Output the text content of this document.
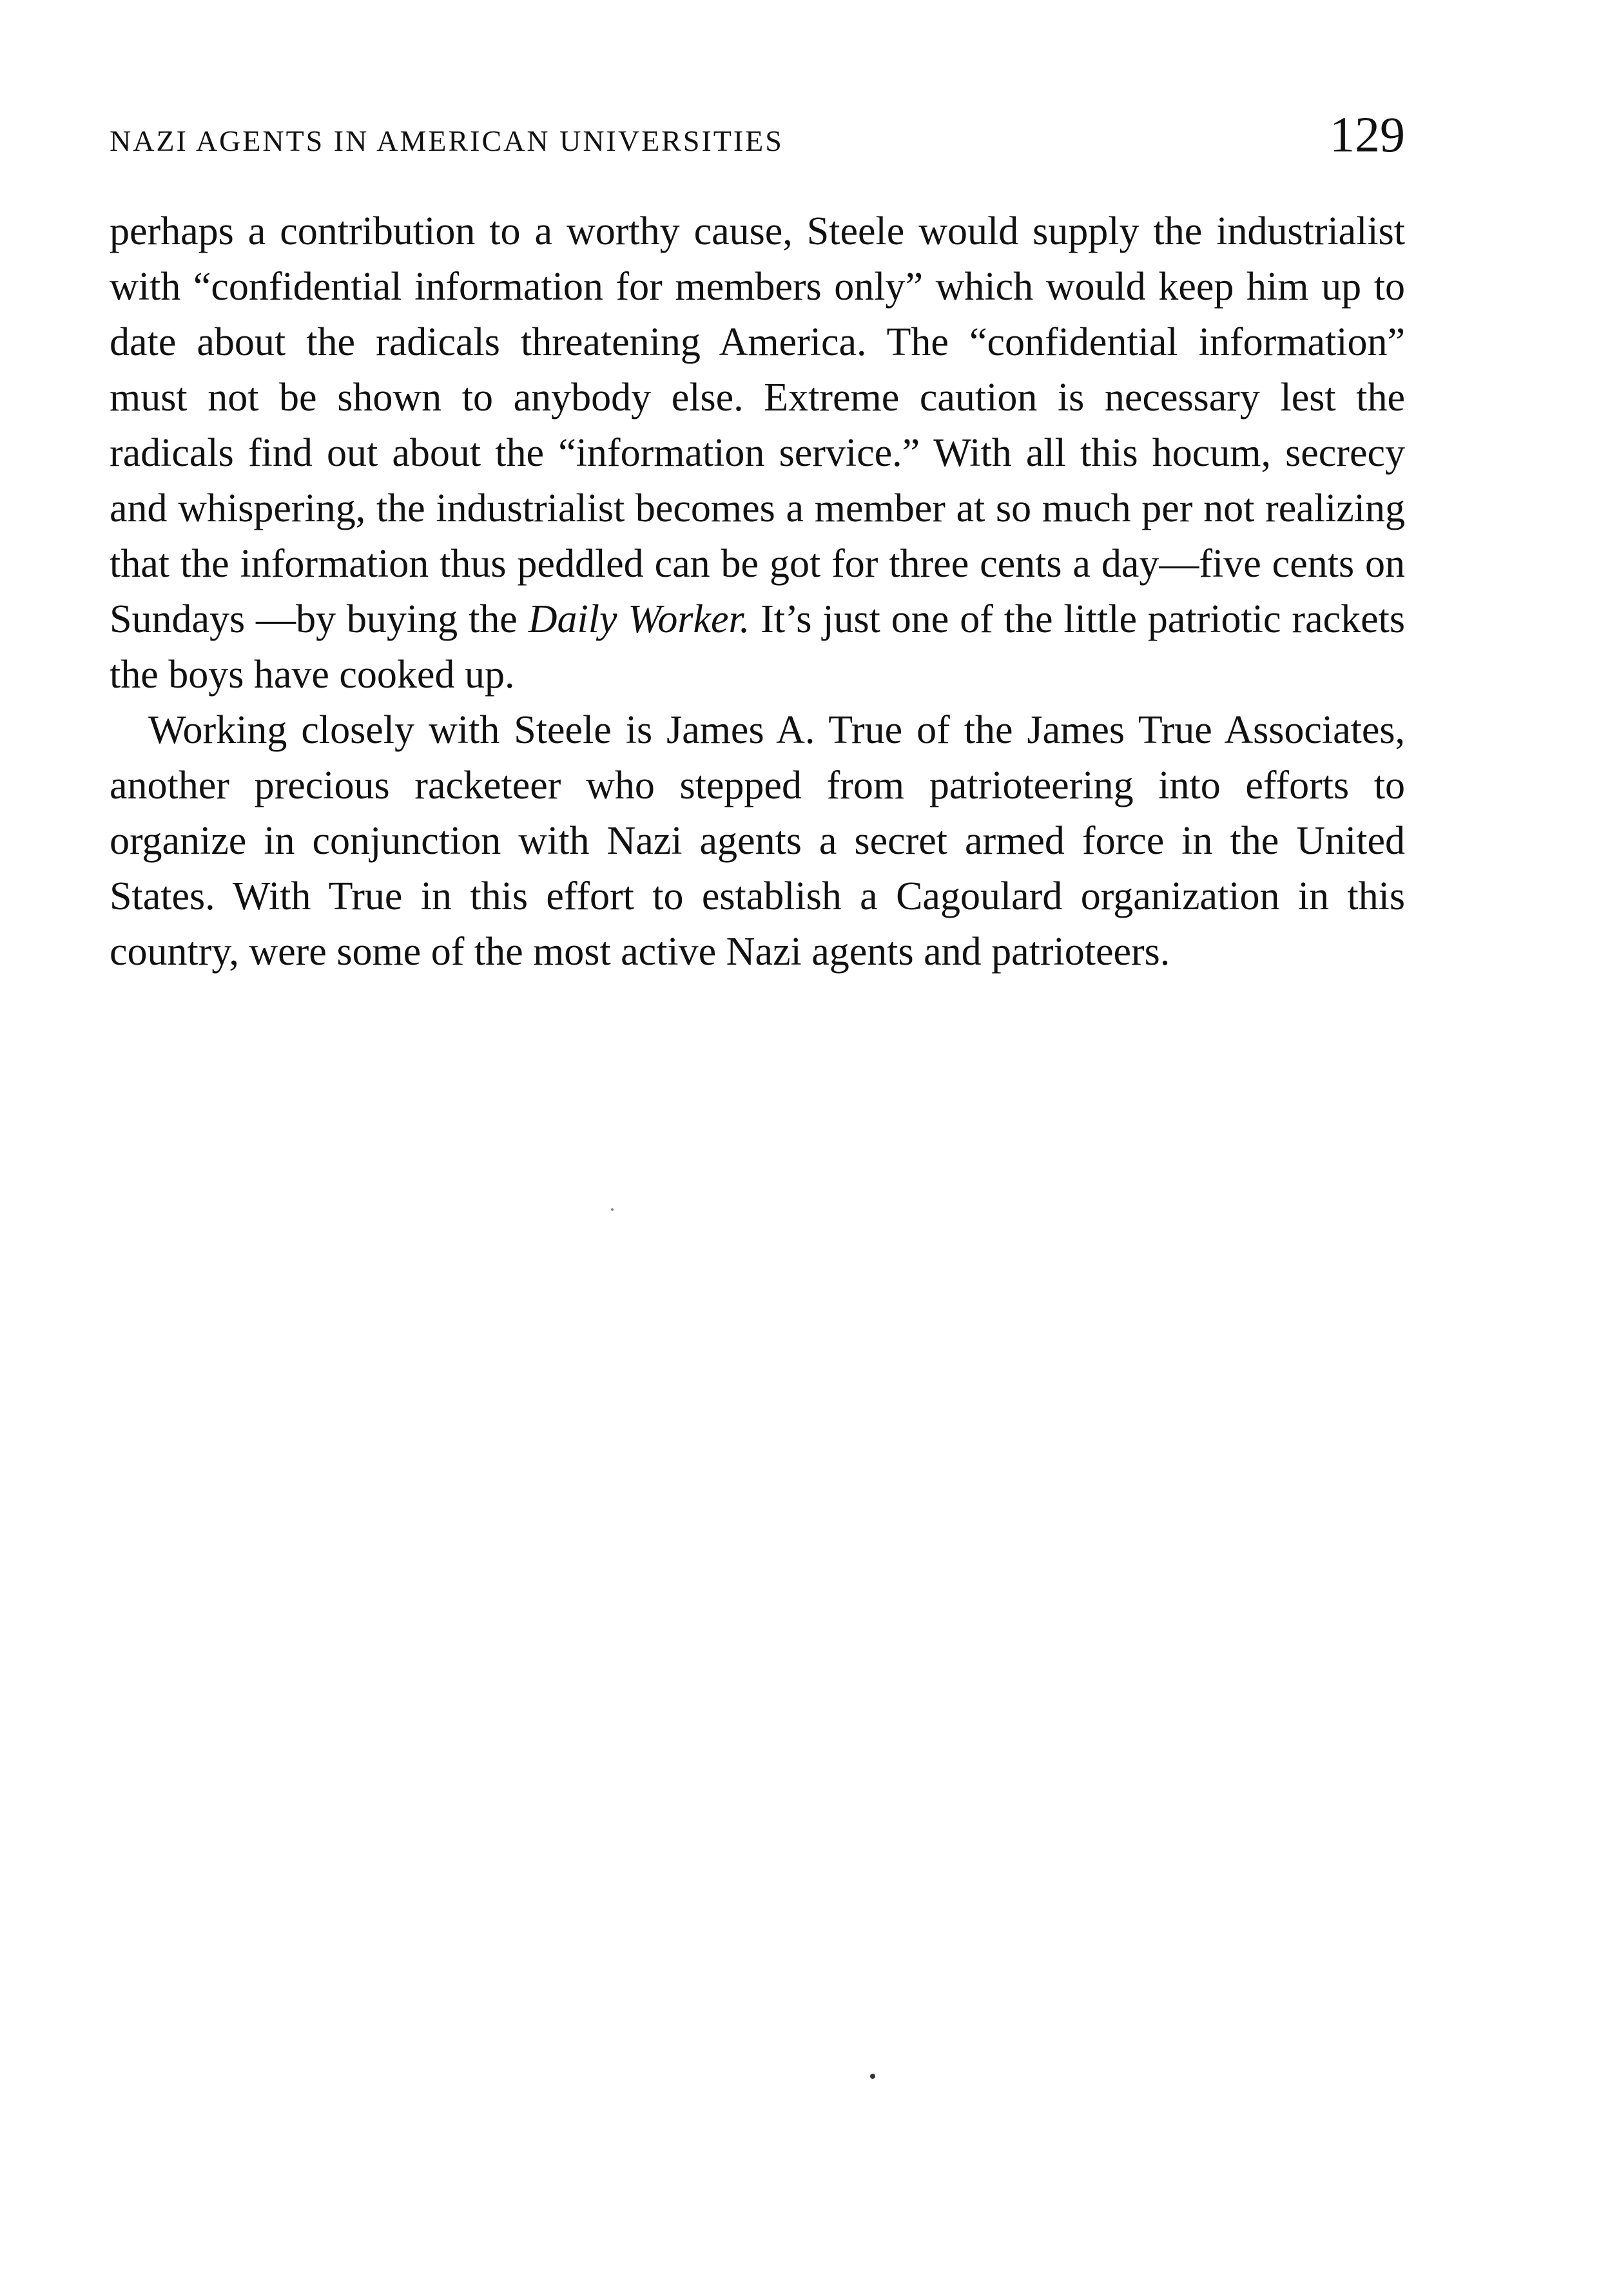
NAZI AGENTS IN AMERICAN UNIVERSITIES	129

perhaps a contribution to a worthy cause, Steele would supply the industrialist with “confidential information for members only” which would keep him up to date about the radicals threatening America. The “confidential information” must not be shown to anybody else. Extreme caution is necessary lest the radicals find out about the “information service.” With all this hocum, secrecy and whispering, the industrialist becomes a member at so much per not realizing that the information thus peddled can be got for three cents a day—five cents on Sundays —by buying the Daily Worker. It’s just one of the little patriotic rackets the boys have cooked up.

Working closely with Steele is James A. True of the James True Associates, another precious racketeer who stepped from patrioteering into efforts to organize in conjunction with Nazi agents a secret armed force in the United States. With True in this effort to establish a Cagoulard organization in this country, were some of the most active Nazi agents and patrioteers.
